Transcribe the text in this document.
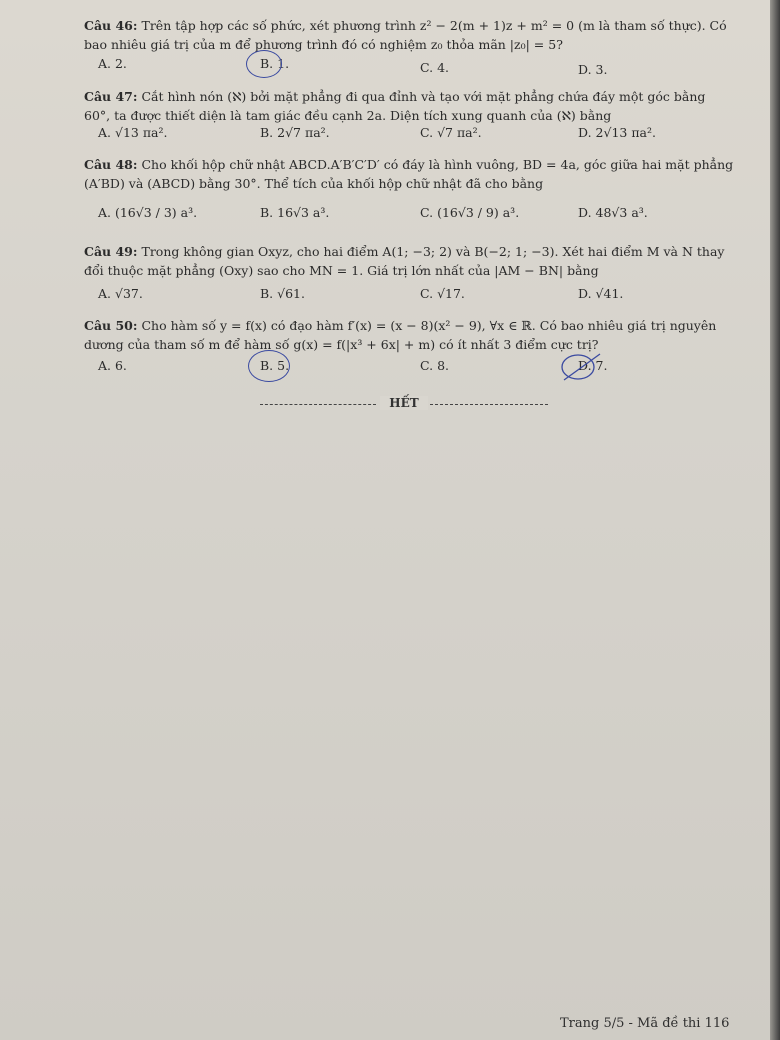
Câu 46: Trên tập hợp các số phức, xét phương trình z² − 2(m + 1)z + m² = 0 (m là tham số thực). Có bao nhiêu giá trị của m để phương trình đó có nghiệm z₀ thỏa mãn |z₀| = 5?

A. 2.	B. 1.	C. 4.	D. 3.

Câu 47: Cắt hình nón (ℵ) bởi mặt phẳng đi qua đỉnh và tạo với mặt phẳng chứa đáy một góc bằng 60°, ta được thiết diện là tam giác đều cạnh 2a. Diện tích xung quanh của (ℵ) bằng

A. √13 πa².	B. 2√7 πa².	C. √7 πa².	D. 2√13 πa².

Câu 48: Cho khối hộp chữ nhật ABCD.A′B′C′D′ có đáy là hình vuông, BD = 4a, góc giữa hai mặt phẳng (A′BD) và (ABCD) bằng 30°. Thể tích của khối hộp chữ nhật đã cho bằng

A. (16√3 / 3) a³.	B. 16√3 a³.	C. (16√3 / 9) a³.	D. 48√3 a³.

Câu 49: Trong không gian Oxyz, cho hai điểm A(1; −3; 2) và B(−2; 1; −3). Xét hai điểm M và N thay đổi thuộc mặt phẳng (Oxy) sao cho MN = 1. Giá trị lớn nhất của |AM − BN| bằng

A. √37.	B. √61.	C. √17.	D. √41.

Câu 50: Cho hàm số y = f(x) có đạo hàm f′(x) = (x − 8)(x² − 9), ∀x ∈ ℝ. Có bao nhiêu giá trị nguyên dương của tham số m để hàm số g(x) = f(|x³ + 6x| + m) có ít nhất 3 điểm cực trị?

A. 6.	B. 5.	C. 8.	D. 7.
HẾT
Trang 5/5 - Mã đề thi 116
